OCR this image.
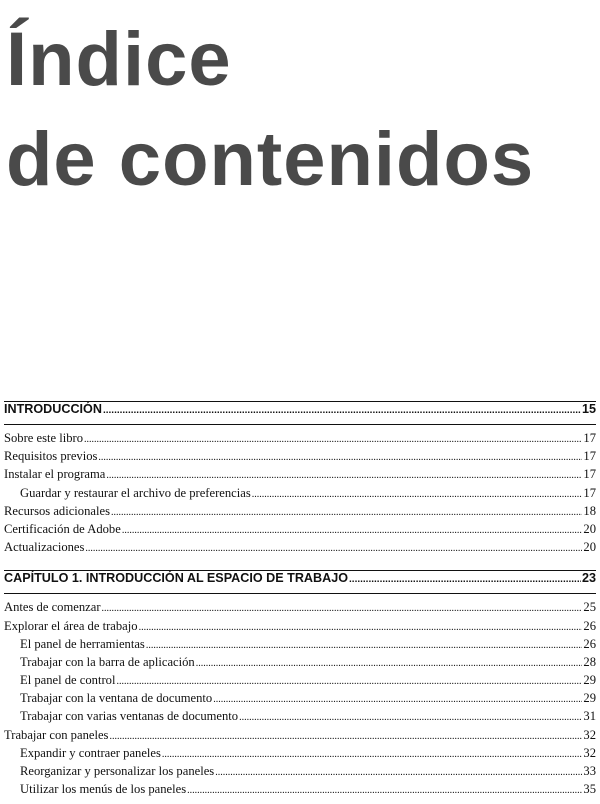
Índice
de contenidos
INTRODUCCIÓN .....	15
Sobre este libro .....	17
Requisitos previos .....	17
Instalar el programa .....	17
Guardar y restaurar el archivo de preferencias .....	17
Recursos adicionales .....	18
Certificación de Adobe .....	20
Actualizaciones .....	20
CAPÍTULO 1. INTRODUCCIÓN AL ESPACIO DE TRABAJO .....	23
Antes de comenzar .....	25
Explorar el área de trabajo .....	26
El panel de herramientas .....	26
Trabajar con la barra de aplicación .....	28
El panel de control .....	29
Trabajar con la ventana de documento .....	29
Trabajar con varias ventanas de documento .....	31
Trabajar con paneles .....	32
Expandir y contraer paneles .....	32
Reorganizar y personalizar los paneles .....	33
Utilizar los menús de los paneles .....	35
